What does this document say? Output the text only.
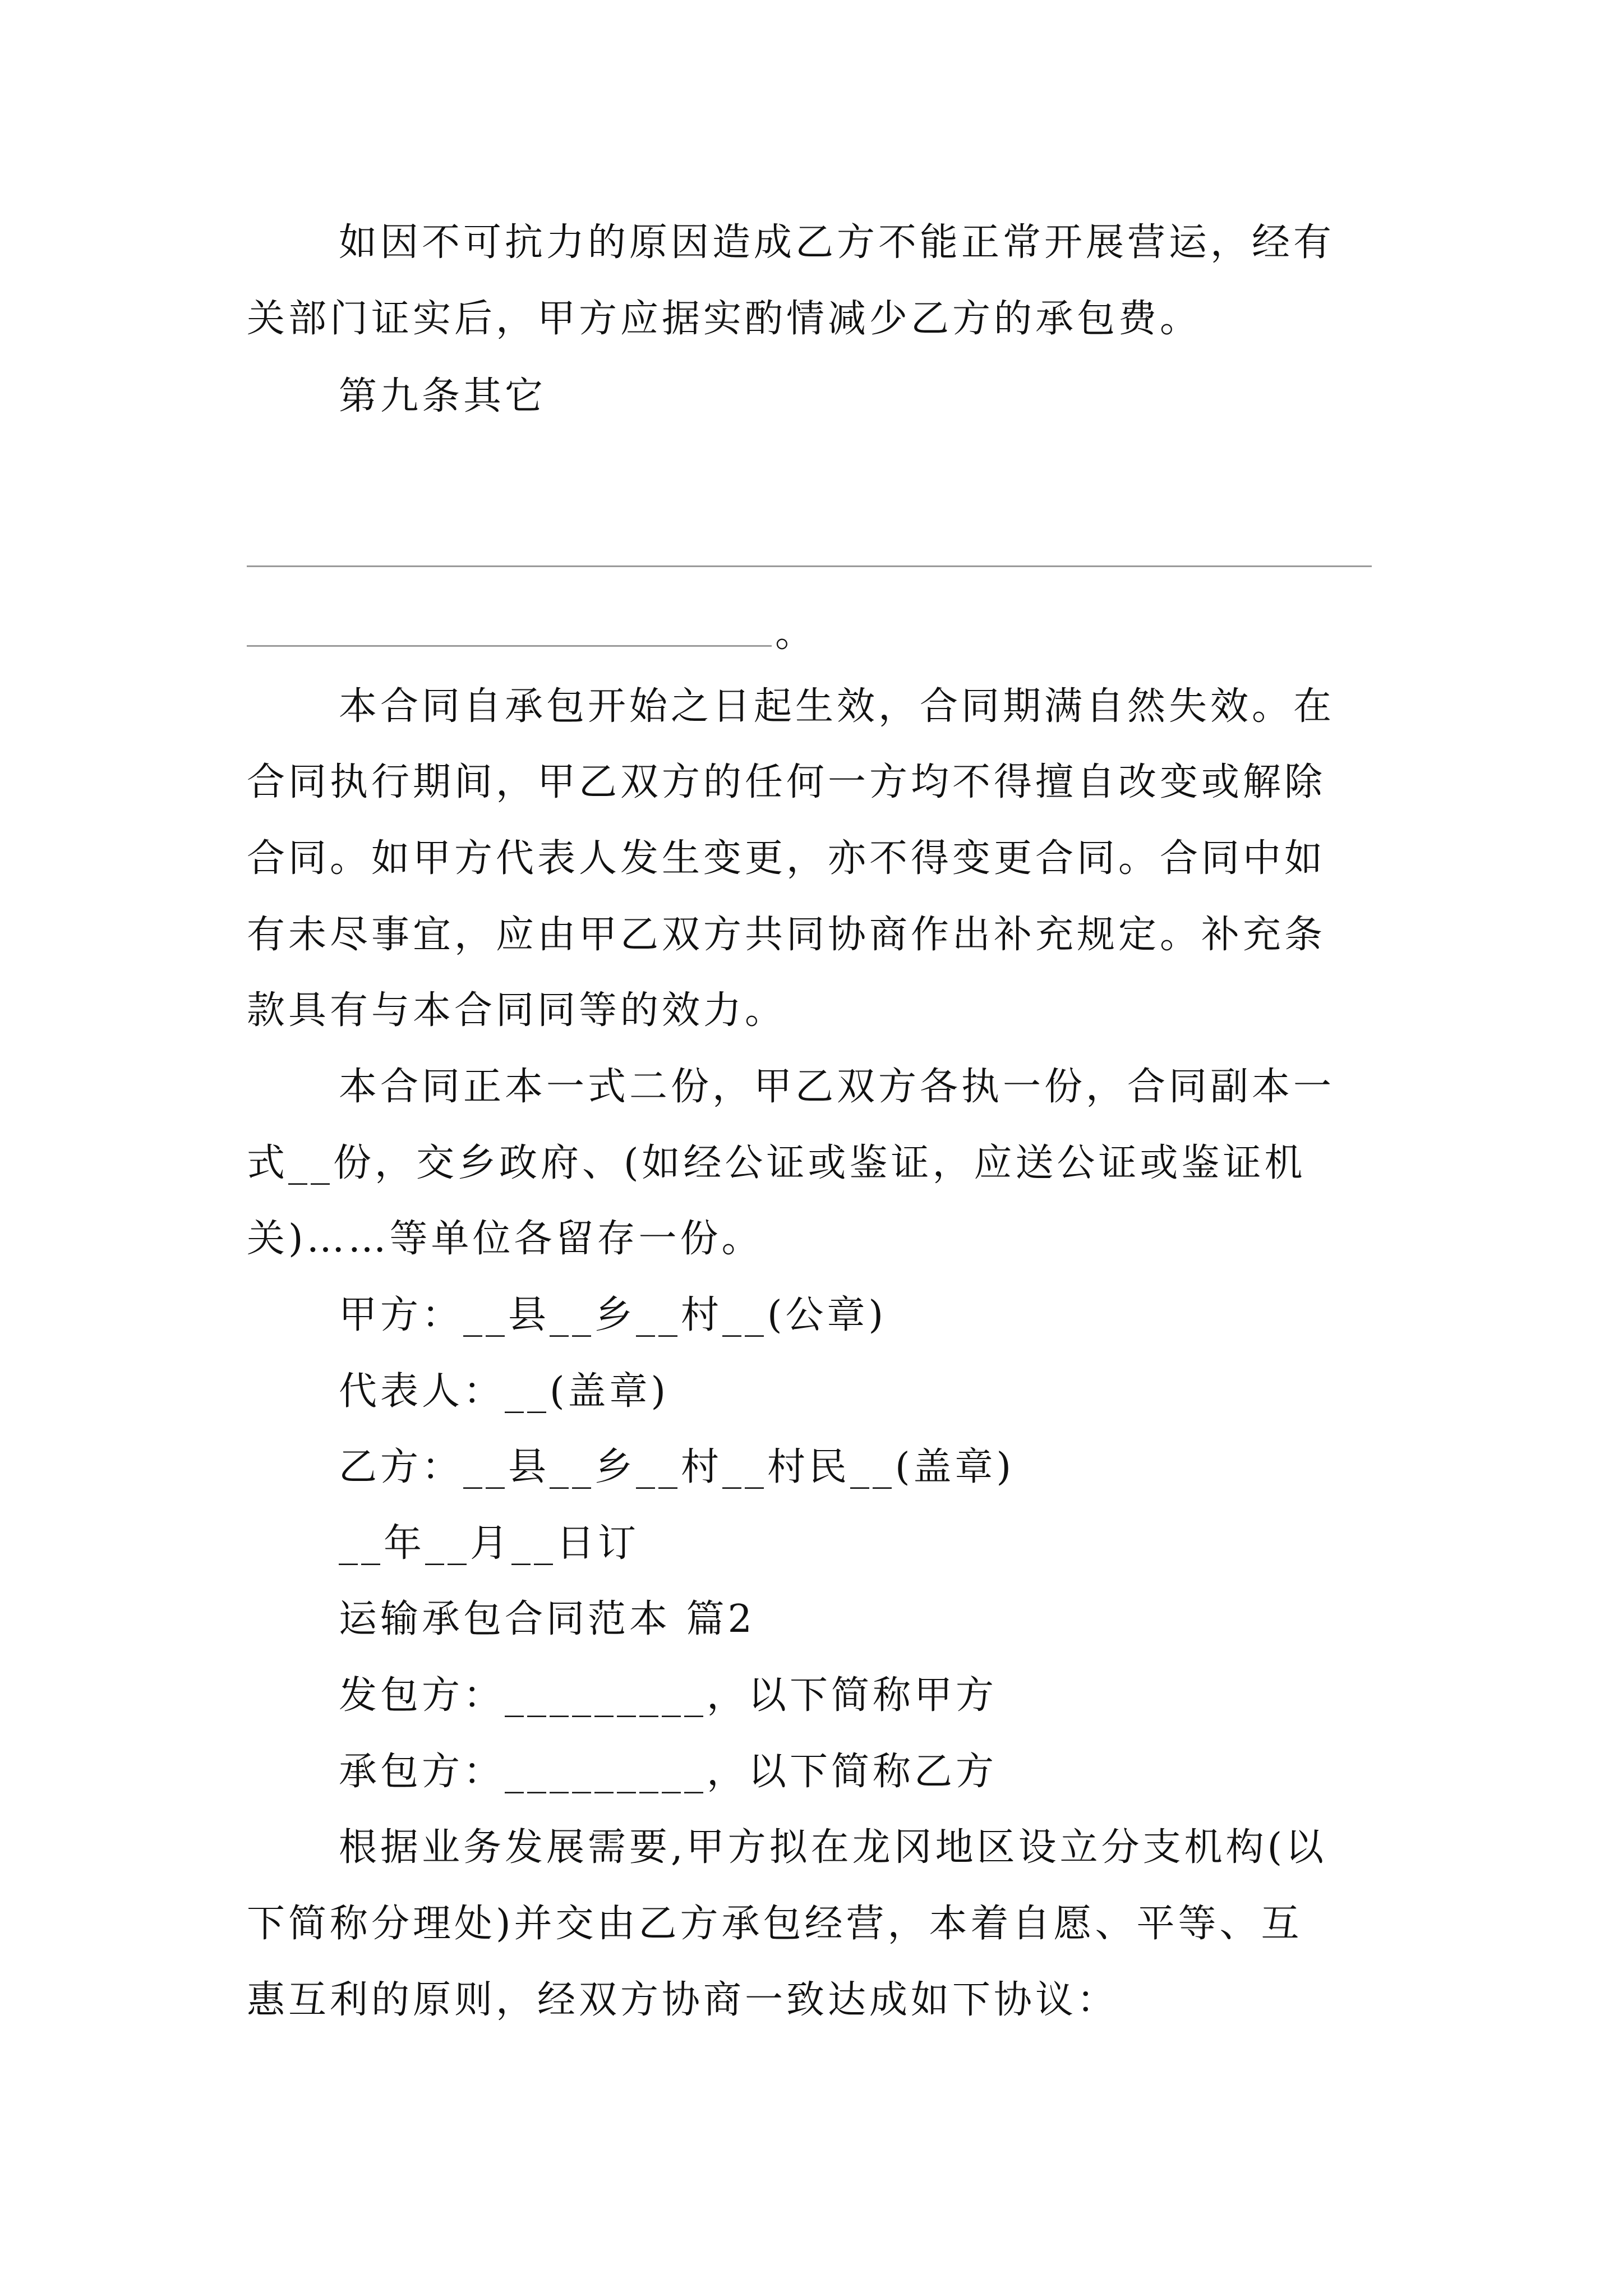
如因不可抗力的原因造成乙方不能正常开展营运，经有
关部门证实后，甲方应据实酌情减少乙方的承包费。
第九条其它
。
本合同自承包开始之日起生效，合同期满自然失效。在
合同执行期间，甲乙双方的任何一方均不得擅自改变或解除
合同。如甲方代表人发生变更，亦不得变更合同。合同中如
有未尽事宜，应由甲乙双方共同协商作出补充规定。补充条
款具有与本合同同等的效力。
本合同正本一式二份，甲乙双方各执一份，合同副本一
式__份，交乡政府、(如经公证或鉴证，应送公证或鉴证机
关)……等单位各留存一份。
甲方：__县__乡__村__(公章)
代表人：__(盖章)
乙方：__县__乡__村__村民__(盖章)
__年__月__日订
运输承包合同范本 篇2
发包方：_________，以下简称甲方
承包方：_________，以下简称乙方
根据业务发展需要,甲方拟在龙冈地区设立分支机构(以
下简称分理处)并交由乙方承包经营，本着自愿、平等、互
惠互利的原则，经双方协商一致达成如下协议：
